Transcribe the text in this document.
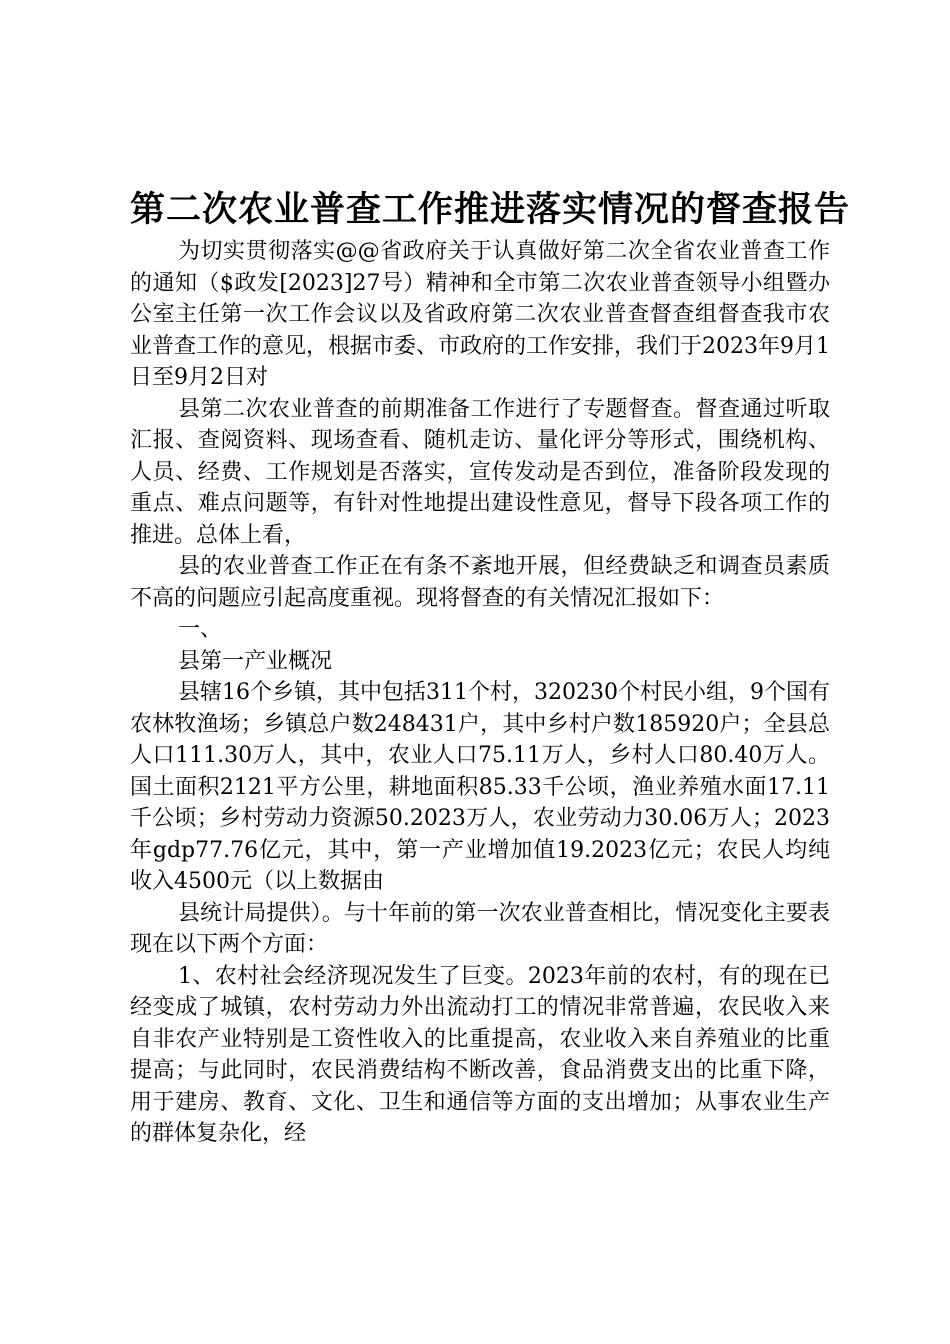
第二次农业普查工作推进落实情况的督查报告

为切实贯彻落实@@省政府关于认真做好第二次全省农业普查工作的通知（$政发[2023]27号）精神和全市第二次农业普查领导小组暨办公室主任第一次工作会议以及省政府第二次农业普查督查组督查我市农业普查工作的意见，根据市委、市政府的工作安排，我们于2023年9月1日至9月2日对

县第二次农业普查的前期准备工作进行了专题督查。督查通过听取汇报、查阅资料、现场查看、随机走访、量化评分等形式，围绕机构、人员、经费、工作规划是否落实，宣传发动是否到位，准备阶段发现的重点、难点问题等，有针对性地提出建设性意见，督导下段各项工作的推进。总体上看，

县的农业普查工作正在有条不紊地开展，但经费缺乏和调查员素质不高的问题应引起高度重视。现将督查的有关情况汇报如下：

一、

县第一产业概况

县辖16个乡镇，其中包括311个村，320230个村民小组，9个国有农林牧渔场；乡镇总户数248431户，其中乡村户数185920户；全县总人口111.30万人，其中，农业人口75.11万人，乡村人口80.40万人。国土面积2121平方公里，耕地面积85.33千公顷，渔业养殖水面17.11千公顷；乡村劳动力资源50.2023万人，农业劳动力30.06万人；2023年gdp77.76亿元，其中，第一产业增加值19.2023亿元；农民人均纯收入4500元（以上数据由

县统计局提供）。与十年前的第一次农业普查相比，情况变化主要表现在以下两个方面：

1、农村社会经济现况发生了巨变。2023年前的农村，有的现在已经变成了城镇，农村劳动力外出流动打工的情况非常普遍，农民收入来自非农产业特别是工资性收入的比重提高，农业收入来自养殖业的比重提高；与此同时，农民消费结构不断改善，食品消费支出的比重下降，用于建房、教育、文化、卫生和通信等方面的支出增加；从事农业生产的群体复杂化，经
